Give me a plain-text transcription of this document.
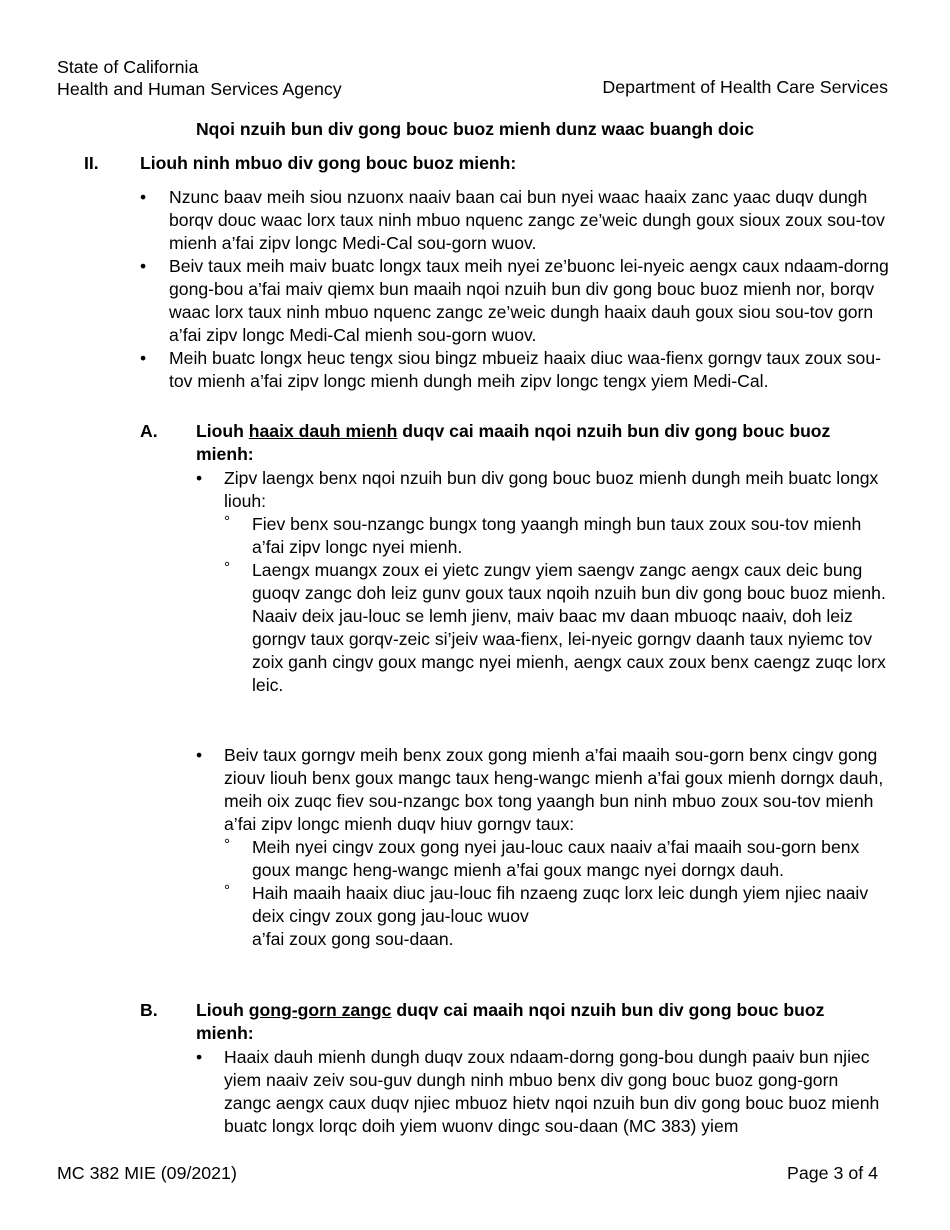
State of California
Health and Human Services Agency	Department of Health Care Services
Nqoi nzuih bun div gong bouc buoz mienh dunz waac buangh doic
II. Liouh ninh mbuo div gong bouc buoz mienh:
• Nzunc baav meih siou nzuonx naaiv baan cai bun nyei waac haaix zanc yaac duqv dungh borqv douc waac lorx taux ninh mbuo nquenc zangc ze’weic dungh goux sioux zoux sou-tov mienh a’fai zipv longc Medi-Cal sou-gorn wuov.
• Beiv taux meih maiv buatc longx taux meih nyei ze’buonc lei-nyeic aengx caux ndaam-dorng gong-bou a’fai maiv qiemx bun maaih nqoi nzuih bun div gong bouc buoz mienh nor, borqv waac lorx taux ninh mbuo nquenc zangc ze’weic dungh haaix dauh goux siou sou-tov gorn a’fai zipv longc Medi-Cal mienh sou-gorn wuov.
• Meih buatc longx heuc tengx siou bingz mbueiz haaix diuc waa-fienx gorngv taux zoux sou-tov mienh a’fai zipv longc mienh dungh meih zipv longc tengx yiem Medi-Cal.
A. Liouh haaix dauh mienh duqv cai maaih nqoi nzuih bun div gong bouc buoz mienh:
• Zipv laengx benx nqoi nzuih bun div gong bouc buoz mienh dungh meih buatc longx liouh:
° Fiev benx sou-nzangc bungx tong yaangh mingh bun taux zoux sou-tov mienh a’fai zipv longc nyei mienh.
° Laengx muangx zoux ei yietc zungv yiem saengv zangc aengx caux deic bung guoqv zangc doh leiz gunv goux taux nqoih nzuih bun div gong bouc buoz mienh. Naaiv deix jau-louc se lemh jienv, maiv baac mv daan mbuoqc naaiv, doh leiz gorngv taux gorqv-zeic si’jeiv waa-fienx, lei-nyeic gorngv daanh taux nyiemc tov zoix ganh cingv goux mangc nyei mienh, aengx caux zoux benx caengz zuqc lorx leic.
• Beiv taux gorngv meih benx zoux gong mienh a’fai maaih sou-gorn benx cingv gong ziouv liouh benx goux mangc taux heng-wangc mienh a’fai goux mienh dorngx dauh, meih oix zuqc fiev sou-nzangc box tong yaangh bun ninh mbuo zoux sou-tov mienh a’fai zipv longc mienh duqv hiuv gorngv taux:
° Meih nyei cingv zoux gong nyei jau-louc caux naaiv a’fai maaih sou-gorn benx goux mangc heng-wangc mienh a’fai goux mangc nyei dorngx dauh.
° Haih maaih haaix diuc jau-louc fih nzaeng zuqc lorx leic dungh yiem njiec naaiv deix cingv zoux gong jau-louc wuov
a’fai zoux gong sou-daan.
B. Liouh gong-gorn zangc duqv cai maaih nqoi nzuih bun div gong bouc buoz mienh:
• Haaix dauh mienh dungh duqv zoux ndaam-dorng gong-bou dungh paaiv bun njiec yiem naaiv zeiv sou-guv dungh ninh mbuo benx div gong bouc buoz gong-gorn zangc aengx caux duqv njiec mbuoz hietv nqoi nzuih bun div gong bouc buoz mienh buatc longx lorqc doih yiem wuonv dingc sou-daan (MC 383) yiem
MC 382 MIE (09/2021)	Page 3 of 4
